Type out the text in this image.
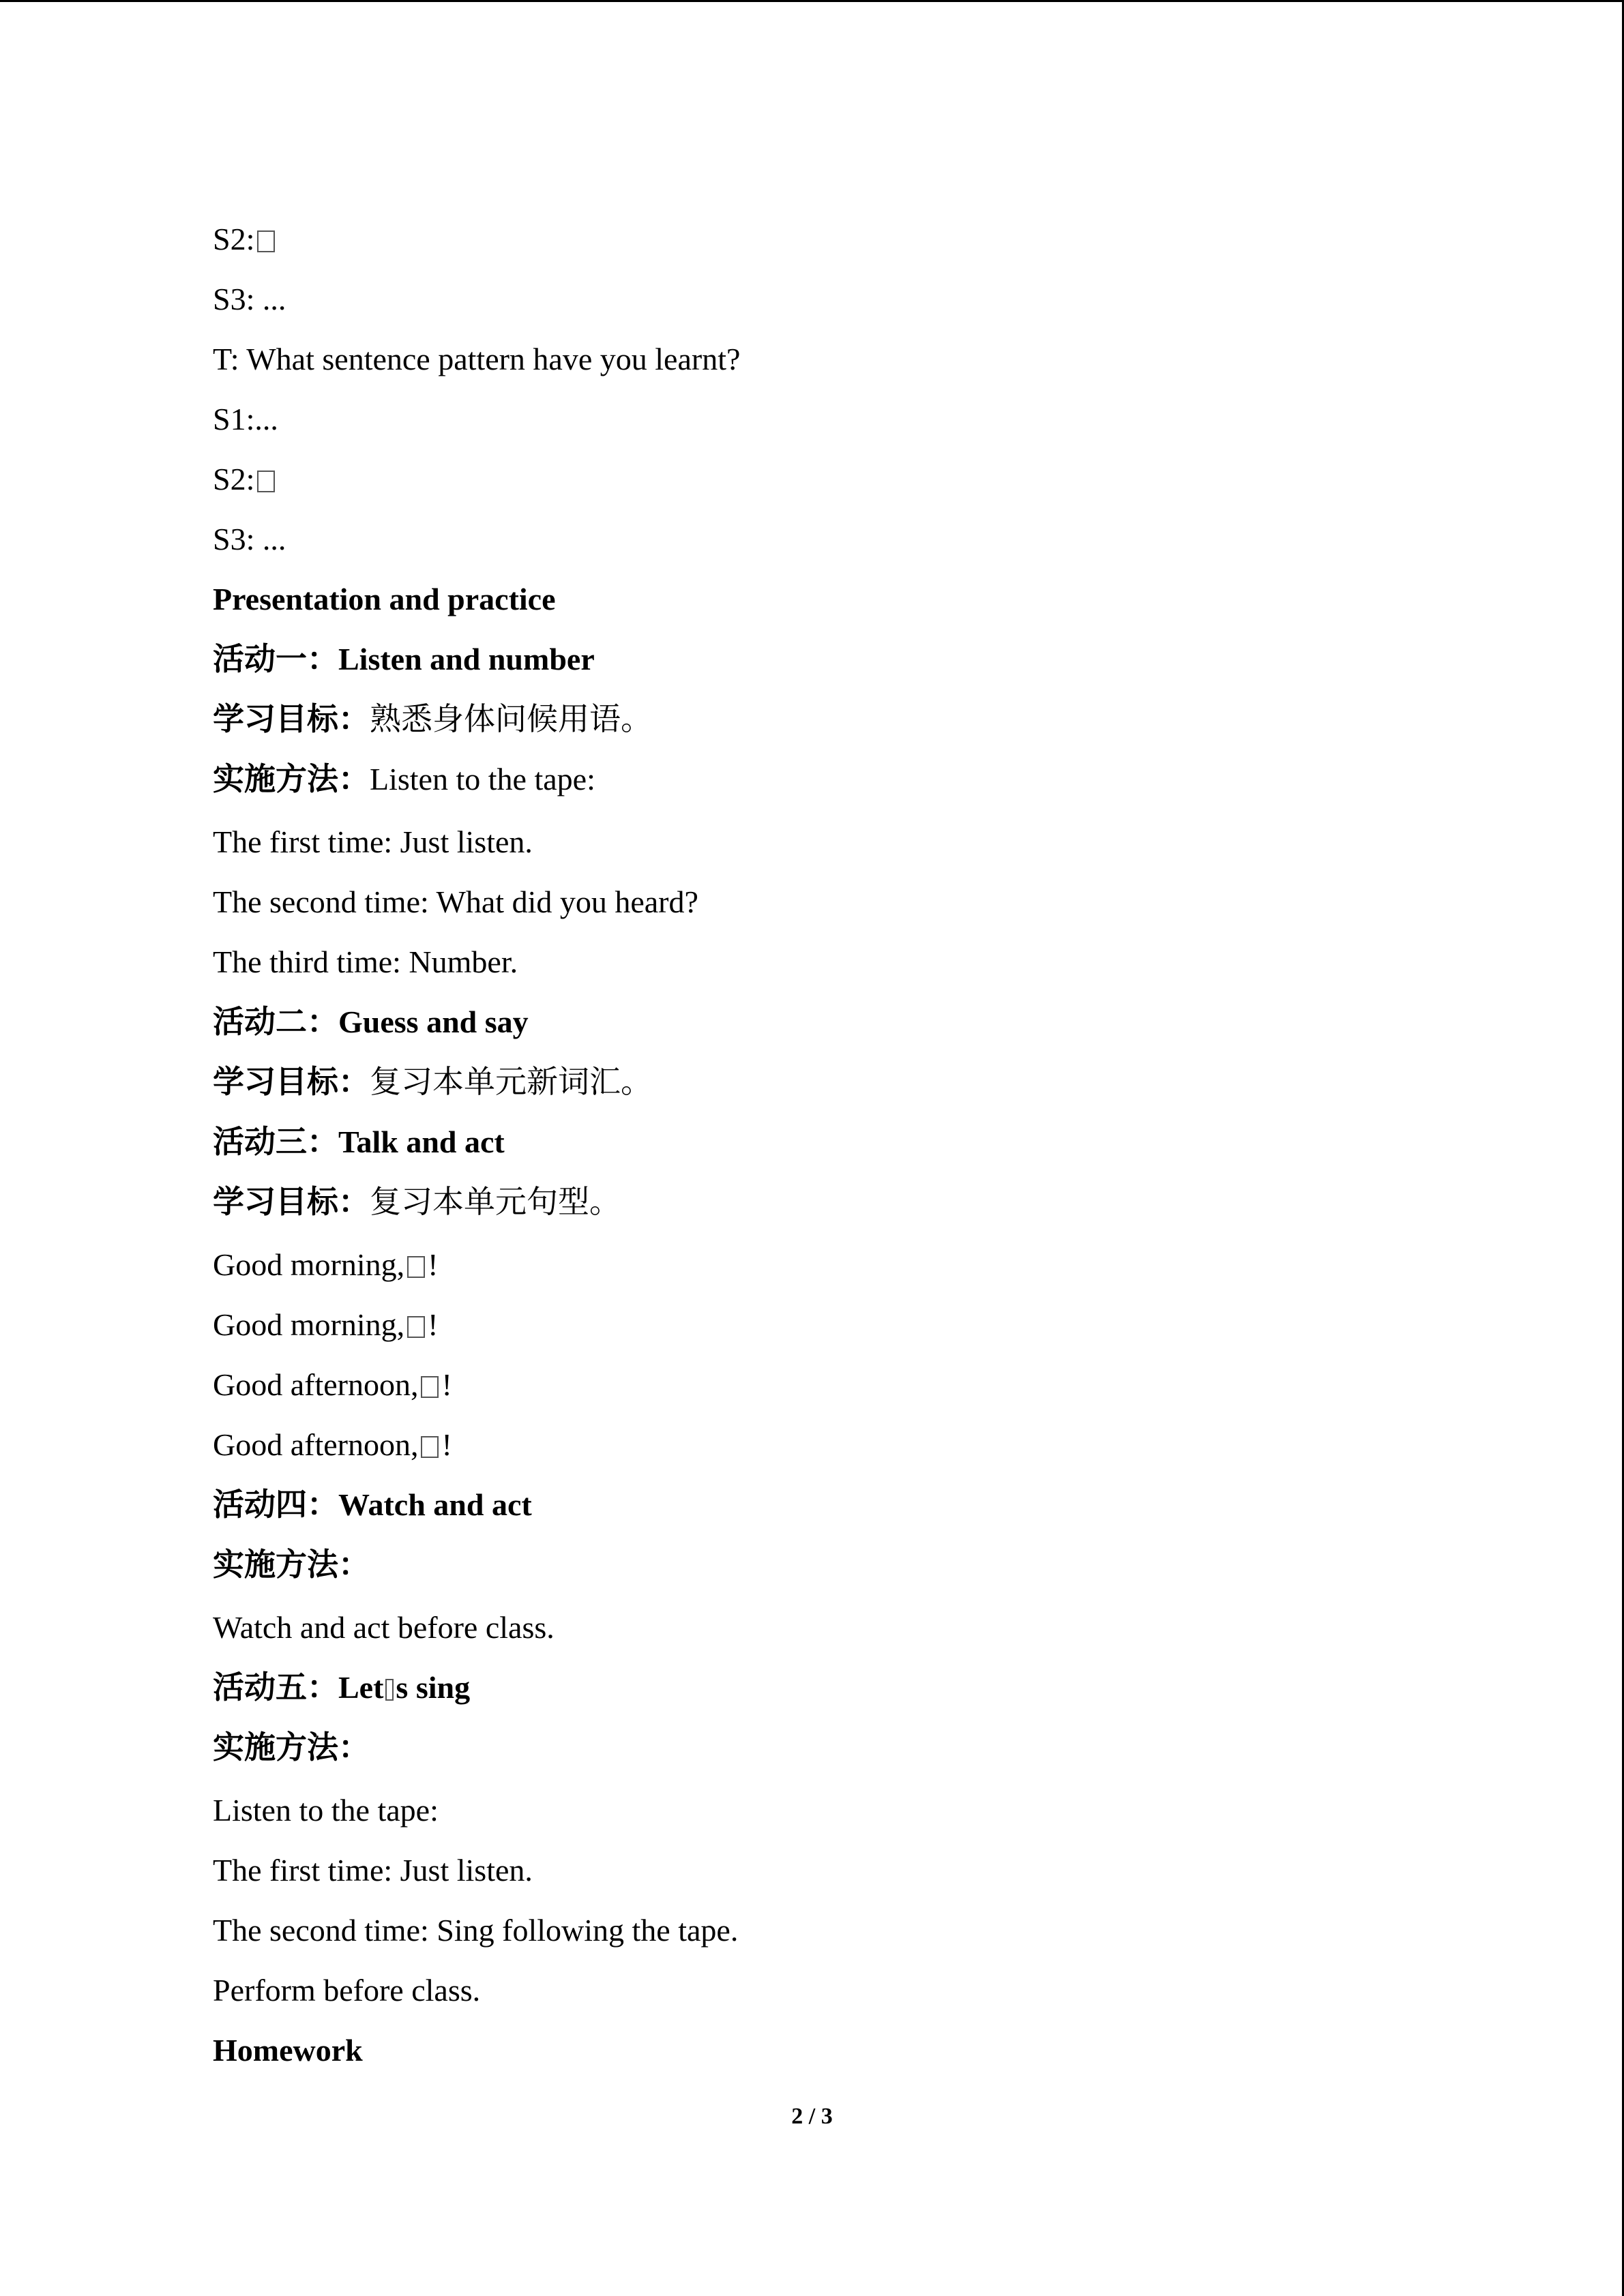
S2:
S3: ...
T: What sentence pattern have you learnt?
S1:...
S2:
S3: ...
Presentation and practice
活动一：Listen and number
学习目标：熟悉身体问候用语。
实施方法：Listen to the tape:
The first time: Just listen.
The second time: What did you heard?
The third time: Number.
活动二：Guess and say
学习目标：复习本单元新词汇。
活动三：Talk and act
学习目标：复习本单元句型。
Good morning, !
Good morning, !
Good afternoon, !
Good afternoon, !
活动四：Watch and act
实施方法：
Watch and act before class.
活动五：Let s sing
实施方法：
Listen to the tape:
The first time: Just listen.
The second time: Sing following the tape.
Perform before class.
Homework
2 / 3
